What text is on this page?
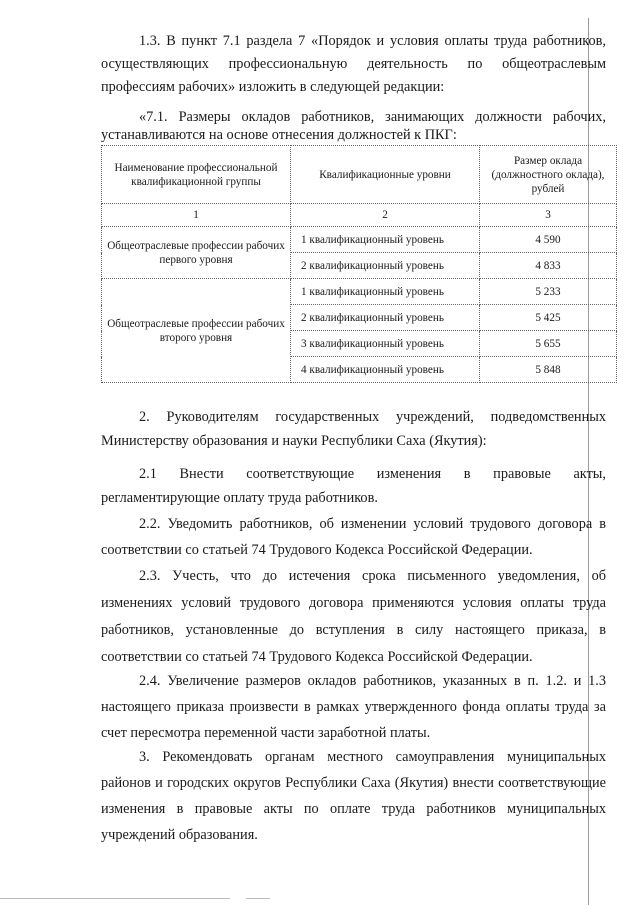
1.3. В пункт 7.1 раздела 7 «Порядок и условия оплаты труда работников, осуществляющих профессиональную деятельность по общеотраслевым профессиям рабочих» изложить в следующей редакции:

«7.1. Размеры окладов работников, занимающих должности рабочих, устанавливаются на основе отнесения должностей к ПКГ:

Наименование профессиональной квалификационной группы	Квалификационные уровни	Размер оклада (должностного оклада), рублей
1	2	3
Общеотраслевые профессии рабочих первого уровня	1 квалификационный уровень	4 590
	2 квалификационный уровень	4 833
Общеотраслевые профессии рабочих второго уровня	1 квалификационный уровень	5 233
	2 квалификационный уровень	5 425
	3 квалификационный уровень	5 655
	4 квалификационный уровень	5 848

2. Руководителям государственных учреждений, подведомственных Министерству образования и науки Республики Саха (Якутия):

2.1 Внести соответствующие изменения в правовые акты, регламентирующие оплату труда работников.

2.2. Уведомить работников, об изменении условий трудового договора в соответствии со статьей 74 Трудового Кодекса Российской Федерации.

2.3. Учесть, что до истечения срока письменного уведомления, об изменениях условий трудового договора применяются условия оплаты труда работников, установленные до вступления в силу настоящего приказа, в соответствии со статьей 74 Трудового Кодекса Российской Федерации.

2.4. Увеличение размеров окладов работников, указанных в п. 1.2. и 1.3 настоящего приказа произвести в рамках утвержденного фонда оплаты труда за счет пересмотра переменной части заработной платы.

3. Рекомендовать органам местного самоуправления муниципальных районов и городских округов Республики Саха (Якутия) внести соответствующие изменения в правовые акты по оплате труда работников муниципальных учреждений образования.
